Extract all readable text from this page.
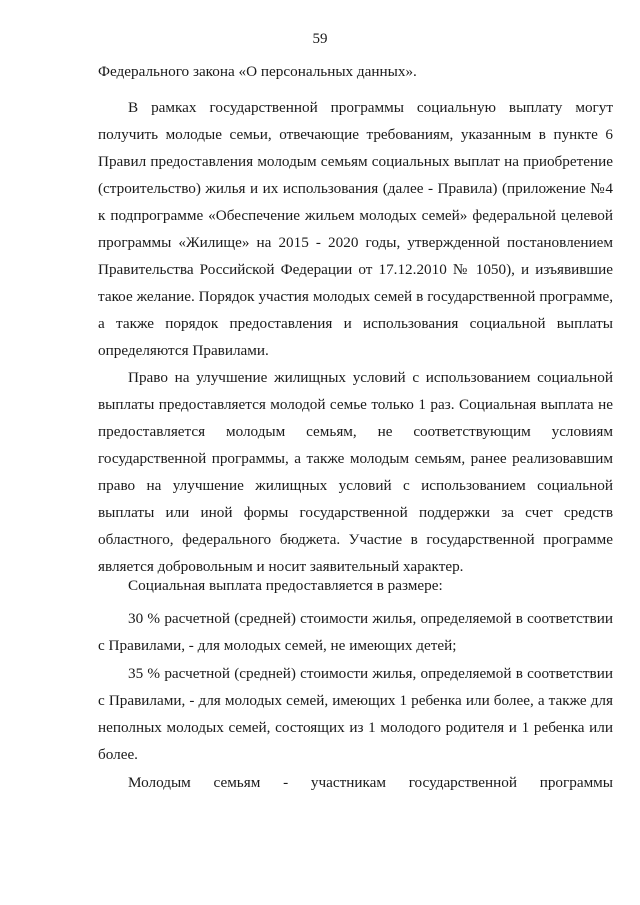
59

Федерального закона «О персональных данных».

В рамках государственной программы социальную выплату могут получить молодые семьи, отвечающие требованиям, указанным в пункте 6 Правил предоставления молодым семьям социальных выплат на приобретение (строительство) жилья и их использования (далее - Правила) (приложение №4 к подпрограмме «Обеспечение жильем молодых семей» федеральной целевой программы «Жилище» на 2015 - 2020 годы, утвержденной постановлением Правительства Российской Федерации от 17.12.2010 № 1050), и изъявившие такое желание. Порядок участия молодых семей в государственной программе, а также порядок предоставления и использования социальной выплаты определяются Правилами.

Право на улучшение жилищных условий с использованием социальной выплаты предоставляется молодой семье только 1 раз. Социальная выплата не предоставляется молодым семьям, не соответствующим условиям государственной программы, а также молодым семьям, ранее реализовавшим право на улучшение жилищных условий с использованием социальной выплаты или иной формы государственной поддержки за счет средств областного, федерального бюджета. Участие в государственной программе является добровольным и носит заявительный характер.

Социальная выплата предоставляется в размере:

30 % расчетной (средней) стоимости жилья, определяемой в соответствии с Правилами, - для молодых семей, не имеющих детей;

35 % расчетной (средней) стоимости жилья, определяемой в соответствии с Правилами, - для молодых семей, имеющих 1 ребенка или более, а также для неполных молодых семей, состоящих из 1 молодого родителя и 1 ребенка или более.

Молодым семьям - участникам государственной программы
